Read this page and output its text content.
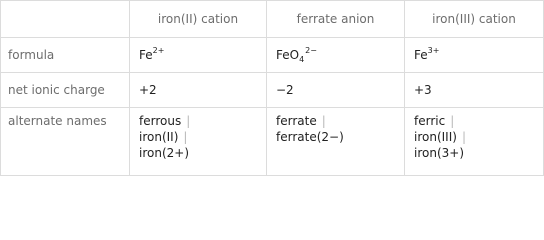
	iron(II) cation	ferrate anion	iron(III) cation
formula	$Fe^{2+}$	FeO$_4^{2-}$	$Fe^{3+}$
net ionic charge	+2	−2	+3
alternate names	ferrous |
iron(II) |
iron(2+)	ferrate |
ferrate(2−)	ferric |
iron(III) |
iron(3+)
